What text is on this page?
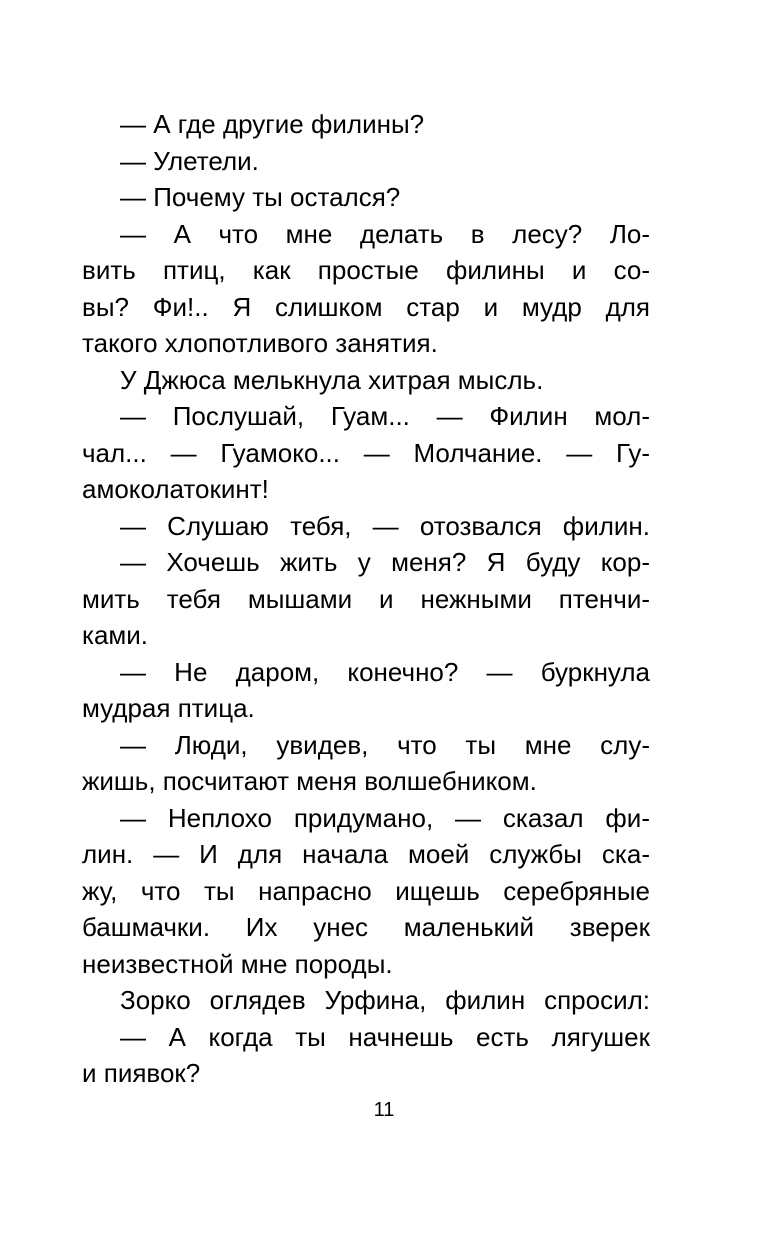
— А где другие филины?
— Улетели.
— Почему ты остался?
— А что мне делать в лесу? Ло-
вить птиц, как простые филины и со-
вы? Фи!.. Я слишком стар и мудр для
такого хлопотливого занятия.
У Джюса мелькнула хитрая мысль.
— Послушай, Гуам... — Филин мол-
чал... — Гуамоко... — Молчание. — Гу-
амоколатокинт!
— Слушаю тебя, — отозвался филин.
— Хочешь жить у меня? Я буду кор-
мить тебя мышами и нежными птенчи-
ками.
— Не даром, конечно? — буркнула
мудрая птица.
— Люди, увидев, что ты мне слу-
жишь, посчитают меня волшебником.
— Неплохо придумано, — сказал фи-
лин. — И для начала моей службы ска-
жу, что ты напрасно ищешь серебряные
башмачки. Их унес маленький зверек
неизвестной мне породы.
Зорко оглядев Урфина, филин спросил:
— А когда ты начнешь есть лягушек
и пиявок?
11
